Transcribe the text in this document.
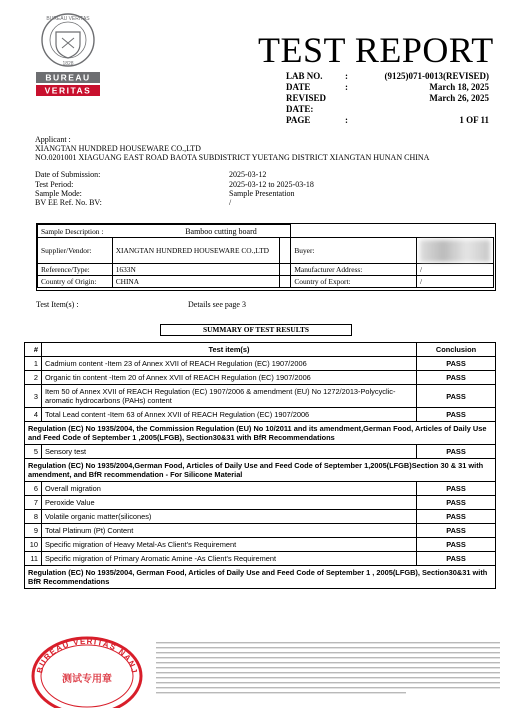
BUREAU VERITAS
1828
BUREAU
VERITAS
TEST REPORT
LAB NO. :	(9125)071-0013(REVISED)
DATE	:	March 18, 2025
REVISED	March 26, 2025
DATE:
PAGE	:	1 OF 11
Applicant :
XIANGTAN HUNDRED HOUSEWARE CO.,LTD
NO.0201001 XIAGUANG EAST ROAD BAOTA SUBDISTRICT YUETANG DISTRICT XIANGTAN HUNAN CHINA
Date of Submission:	2025-03-12
Test Period:	2025-03-12 to 2025-03-18
Sample Mode:	Sample Presentation
BV EE Ref. No. BV:	/
Sample Description :	Bamboo cutting board			
Supplier/Vendor:	XIANGTAN HUNDRED HOUSEWARE CO.,LTD		Buyer:	

Reference/Type:	1633N		Manufacturer Address:	/
Country of Origin:	CHINA		Country of Export:	/
Test Item(s) :	Details see page 3
SUMMARY OF TEST RESULTS
#	Test item(s)	Conclusion
1	Cadmium content -Item 23 of Annex XVII of REACH Regulation (EC) 1907/2006	PASS
2	Organic tin content -Item 20 of Annex XVII of REACH Regulation (EC) 1907/2006	PASS
3	Item 50 of Annex XVII of REACH Regulation (EC) 1907/2006 & amendment (EU) No 1272/2013-Polycyclic-aromatic hydrocarbons (PAHs) content	PASS
4	Total Lead content -Item 63 of Annex XVII of REACH Regulation (EC) 1907/2006	PASS
Regulation (EC) No 1935/2004, the Commission Regulation (EU) No 10/2011 and its amendment,German Food, Articles of Daily Use and Feed Code of September 1 ,2005(LFGB), Section30&31 with BfR Recommendations		
5	Sensory test	PASS
Regulation (EC) No 1935/2004,German Food, Articles of Daily Use and Feed Code of September 1,2005(LFGB)Section 30 & 31 with amendment, and BfR recommendation - For Silicone Material		
6	Overall migration	PASS
7	Peroxide Value	PASS
8	Volatile organic matter(silicones)	PASS
9	Total Platinum (Pt) Content	PASS
10	Specific migration of Heavy Metal-As Client's Requirement	PASS
11	Specific migration of Primary Aromatic Amine -As Client's Requirement	PASS
Regulation (EC) No 1935/2004, German Food, Articles of Daily Use and Feed Code of September 1 , 2005(LFGB), Section30&31 with BfR Recommendations		
BUREAU VERITAS NANJ
测试专用章
